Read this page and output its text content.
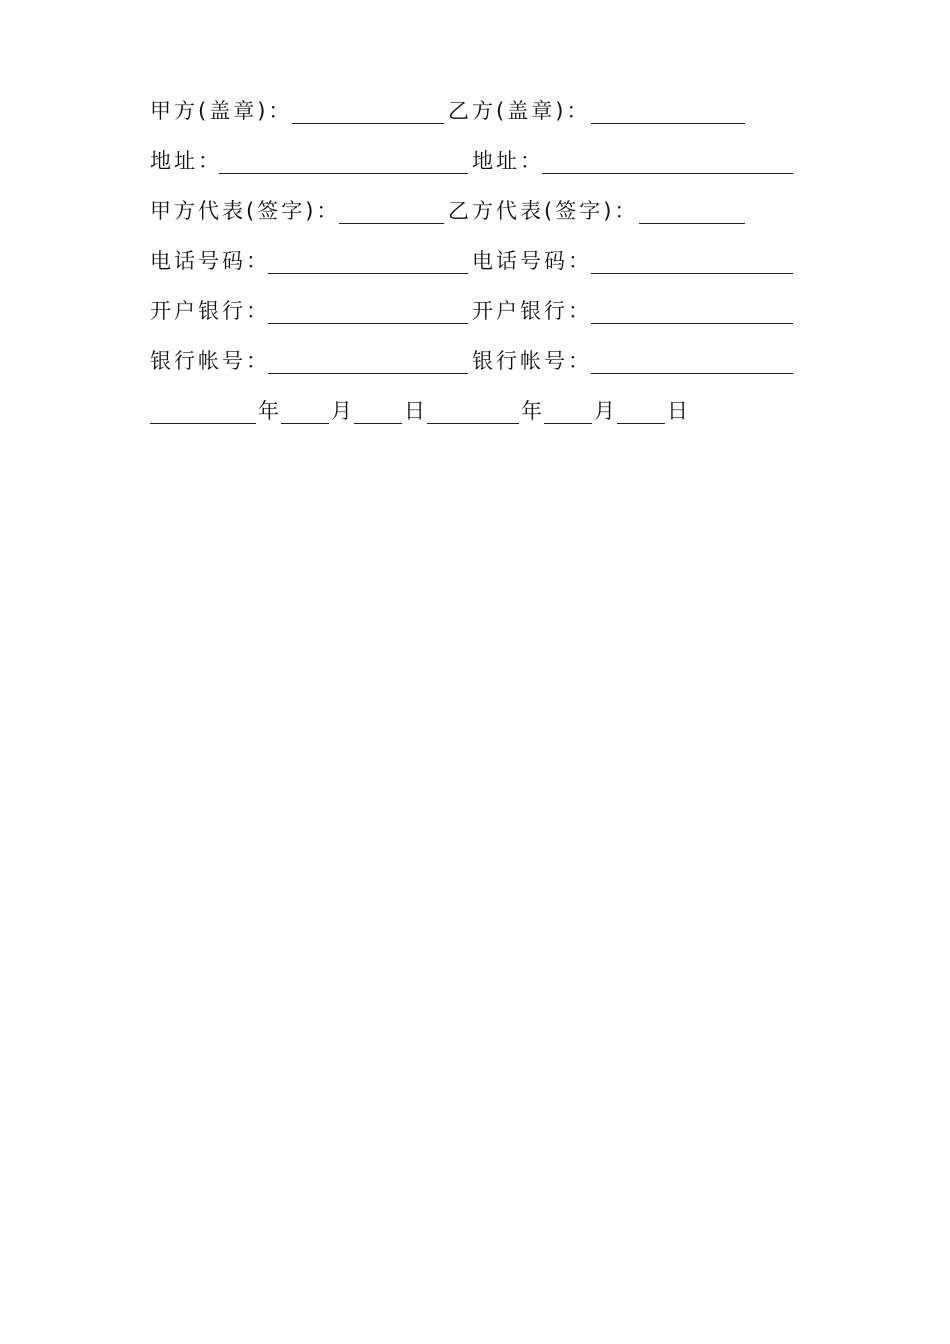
甲方(盖章)：	乙方(盖章)：
地址：	地址：
甲方代表(签字)：	乙方代表(签字)：
电话号码：	电话号码：
开户银行：	开户银行：
银行帐号：	银行帐号：
年 月 日	年 月 日
